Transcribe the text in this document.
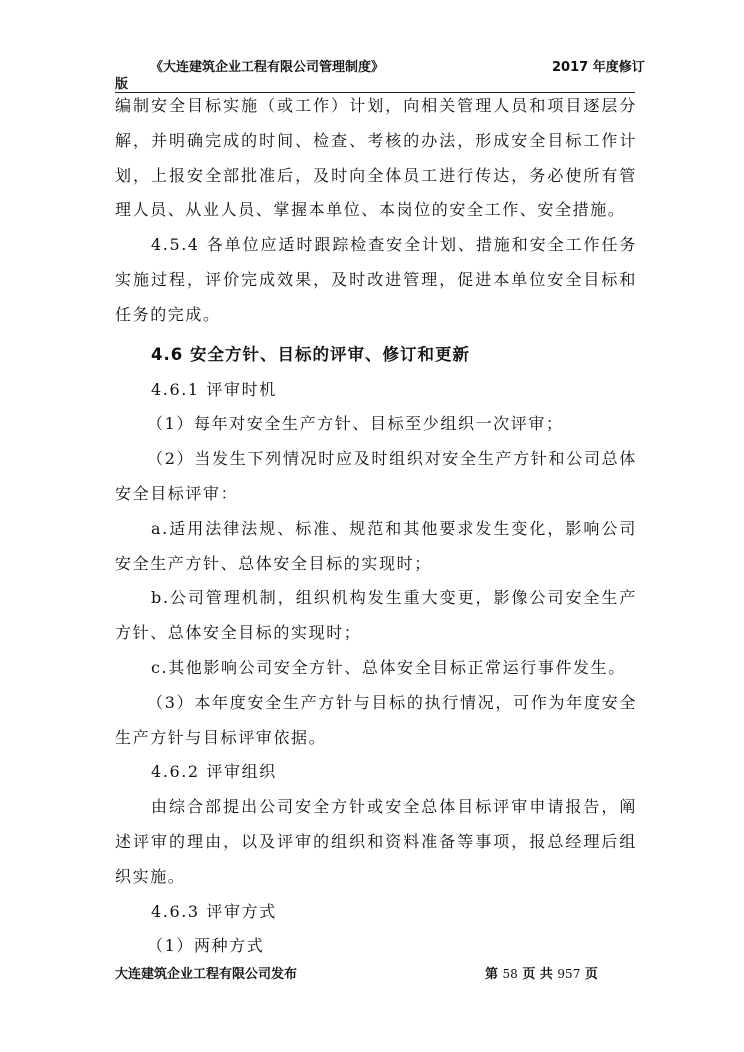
《大连建筑企业工程有限公司管理制度》	2017 年度修订
版

编制安全目标实施（或工作）计划，向相关管理人员和项目逐层分解，并明确完成的时间、检查、考核的办法，形成安全目标工作计划，上报安全部批准后，及时向全体员工进行传达，务必使所有管理人员、从业人员、掌握本单位、本岗位的安全工作、安全措施。

4.5.4 各单位应适时跟踪检查安全计划、措施和安全工作任务实施过程，评价完成效果，及时改进管理，促进本单位安全目标和任务的完成。

4.6 安全方针、目标的评审、修订和更新

4.6.1 评审时机

（1）每年对安全生产方针、目标至少组织一次评审；

（2）当发生下列情况时应及时组织对安全生产方针和公司总体安全目标评审：

a.适用法律法规、标准、规范和其他要求发生变化，影响公司安全生产方针、总体安全目标的实现时；

b.公司管理机制，组织机构发生重大变更，影像公司安全生产方针、总体安全目标的实现时；

c.其他影响公司安全方针、总体安全目标正常运行事件发生。

（3）本年度安全生产方针与目标的执行情况，可作为年度安全生产方针与目标评审依据。

4.6.2 评审组织

由综合部提出公司安全方针或安全总体目标评审申请报告，阐述评审的理由，以及评审的组织和资料准备等事项，报总经理后组织实施。

4.6.3 评审方式

（1）两种方式

大连建筑企业工程有限公司发布	第 58 页 共 957 页
